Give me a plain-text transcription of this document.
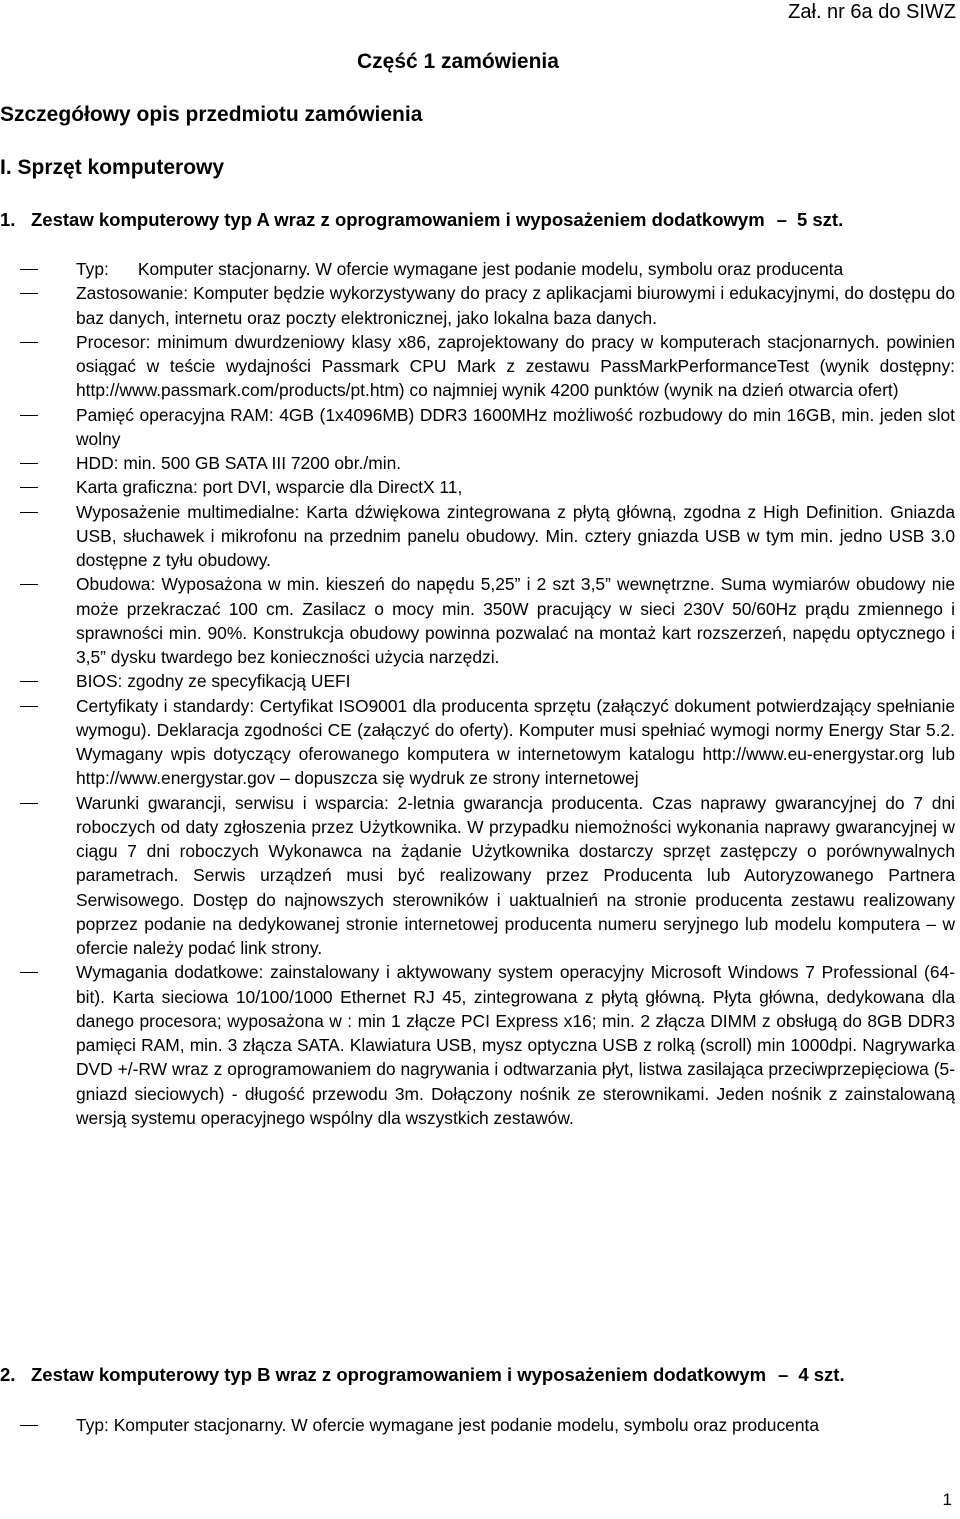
Zał. nr 6a do SIWZ
Część 1 zamówienia
Szczegółowy opis przedmiotu zamówienia
I. Sprzęt komputerowy
1. Zestaw komputerowy typ A wraz z oprogramowaniem i wyposażeniem dodatkowym – 5 szt.
Typ:      Komputer stacjonarny. W ofercie wymagane jest podanie modelu, symbolu oraz producenta
Zastosowanie: Komputer będzie wykorzystywany do pracy z aplikacjami biurowymi i edukacyjnymi, do dostępu do baz danych, internetu oraz poczty elektronicznej, jako lokalna baza danych.
Procesor: minimum dwurdzeniowy klasy x86, zaprojektowany do pracy w komputerach stacjonarnych. powinien osiągać w teście wydajności Passmark CPU Mark z zestawu PassMarkPerformanceTest (wynik dostępny: http://www.passmark.com/products/pt.htm) co najmniej wynik 4200 punktów (wynik na dzień otwarcia ofert)
Pamięć operacyjna RAM: 4GB (1x4096MB) DDR3 1600MHz możliwość rozbudowy do min 16GB, min. jeden slot wolny
HDD: min. 500 GB SATA III 7200 obr./min.
Karta graficzna: port DVI, wsparcie dla DirectX 11,
Wyposażenie multimedialne: Karta dźwiękowa zintegrowana z płytą główną, zgodna z High Definition. Gniazda USB, słuchawek i mikrofonu na przednim panelu obudowy. Min. cztery gniazda USB w tym min. jedno USB 3.0 dostępne z tyłu obudowy.
Obudowa: Wyposażona w min. kieszeń do napędu 5,25” i 2 szt 3,5” wewnętrzne. Suma wymiarów obudowy nie może przekraczać 100 cm. Zasilacz o mocy min. 350W pracujący w sieci 230V 50/60Hz prądu zmiennego i sprawności min. 90%. Konstrukcja obudowy powinna pozwalać na montaż kart rozszerzeń, napędu optycznego i 3,5” dysku twardego bez konieczności użycia narzędzi.
BIOS: zgodny ze specyfikacją UEFI
Certyfikaty i standardy: Certyfikat ISO9001 dla producenta sprzętu (załączyć dokument potwierdzający spełnianie wymogu). Deklaracja zgodności CE (załączyć do oferty). Komputer musi spełniać wymogi normy Energy Star 5.2. Wymagany wpis dotyczący oferowanego komputera w internetowym katalogu http://www.eu-energystar.org lub http://www.energystar.gov – dopuszcza się wydruk ze strony internetowej
Warunki gwarancji, serwisu i wsparcia: 2-letnia gwarancja producenta. Czas naprawy gwarancyjnej do 7 dni roboczych od daty zgłoszenia przez Użytkownika. W przypadku niemożności wykonania naprawy gwarancyjnej w ciągu 7 dni roboczych Wykonawca na żądanie Użytkownika dostarczy sprzęt zastępczy o porównywalnych parametrach. Serwis urządzeń musi być realizowany przez Producenta lub Autoryzowanego Partnera Serwisowego. Dostęp do najnowszych sterowników i uaktualnień na stronie producenta zestawu realizowany poprzez podanie na dedykowanej stronie internetowej producenta numeru seryjnego lub modelu komputera – w ofercie należy podać link strony.
Wymagania dodatkowe: zainstalowany i aktywowany system operacyjny Microsoft Windows 7 Professional (64-bit). Karta sieciowa 10/100/1000 Ethernet RJ 45, zintegrowana z płytą główną. Płyta główna, dedykowana dla danego procesora; wyposażona w : min 1 złącze PCI Express x16; min. 2 złącza DIMM z obsługą do 8GB DDR3 pamięci RAM, min. 3 złącza SATA. Klawiatura USB, mysz optyczna USB z rolką (scroll) min 1000dpi. Nagrywarka DVD +/-RW wraz z oprogramowaniem do nagrywania i odtwarzania płyt, listwa zasilająca przeciwprzepięciowa (5-gniazd sieciowych) - długość przewodu 3m. Dołączony nośnik ze sterownikami. Jeden nośnik z zainstalowaną wersją systemu operacyjnego wspólny dla wszystkich zestawów.
2. Zestaw komputerowy typ B wraz z oprogramowaniem i wyposażeniem dodatkowym – 4 szt.
Typ: Komputer stacjonarny. W ofercie wymagane jest podanie modelu, symbolu oraz producenta
1
